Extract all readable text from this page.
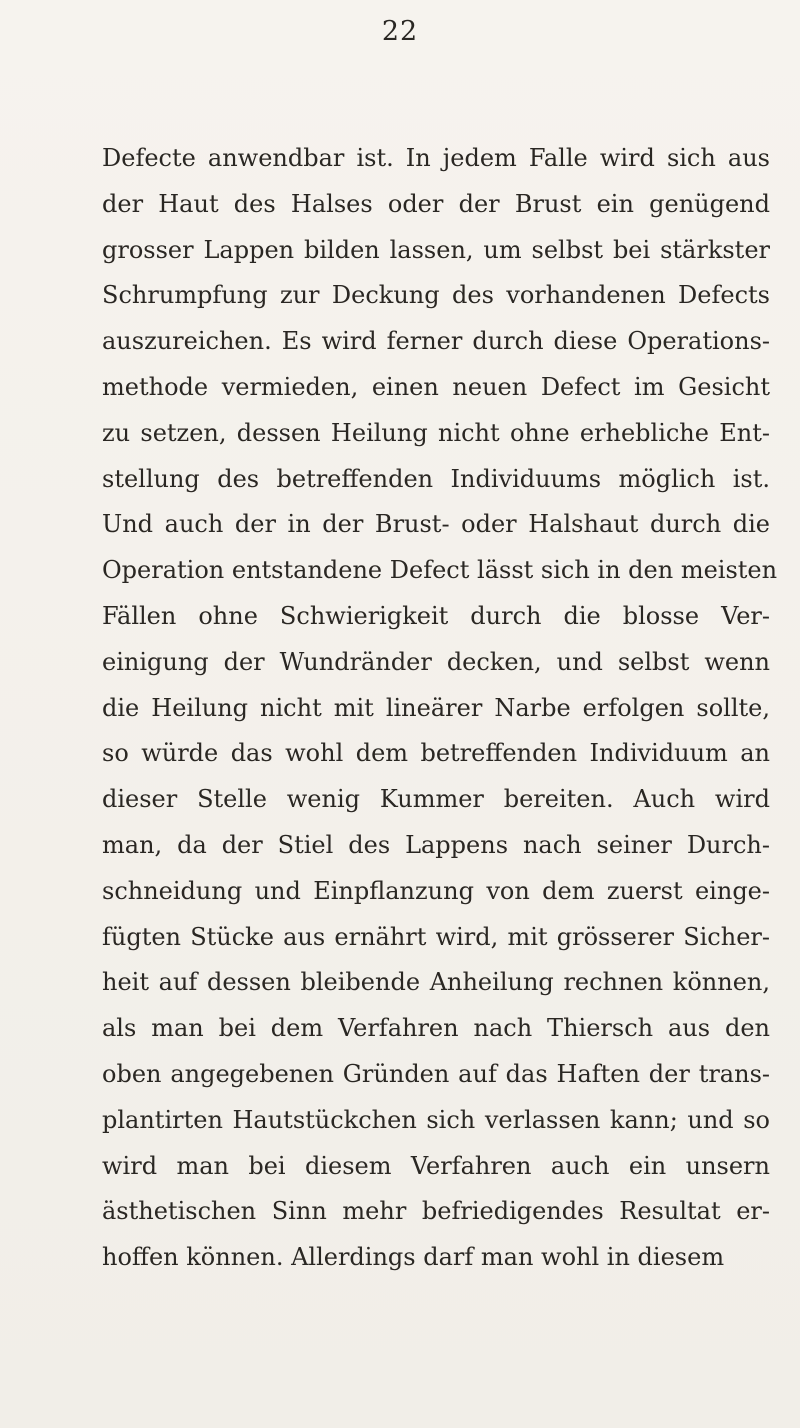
22
Defecte anwendbar ist. In jedem Falle wird sich aus
der Haut des Halses oder der Brust ein genügend
grosser Lappen bilden lassen, um selbst bei stärkster
Schrumpfung zur Deckung des vorhandenen Defects
auszureichen. Es wird ferner durch diese Operations-
methode vermieden, einen neuen Defect im Gesicht
zu setzen, dessen Heilung nicht ohne erhebliche Ent-
stellung des betreffenden Individuums möglich ist.
Und auch der in der Brust- oder Halshaut durch die
Operation entstandene Defect lässt sich in den meisten
Fällen ohne Schwierigkeit durch die blosse Ver-
einigung der Wundränder decken, und selbst wenn
die Heilung nicht mit lineärer Narbe erfolgen sollte,
so würde das wohl dem betreffenden Individuum an
dieser Stelle wenig Kummer bereiten. Auch wird
man, da der Stiel des Lappens nach seiner Durch-
schneidung und Einpflanzung von dem zuerst einge-
fügten Stücke aus ernährt wird, mit grösserer Sicher-
heit auf dessen bleibende Anheilung rechnen können,
als man bei dem Verfahren nach Thiersch aus den
oben angegebenen Gründen auf das Haften der trans-
plantirten Hautstückchen sich verlassen kann; und so
wird man bei diesem Verfahren auch ein unsern
ästhetischen Sinn mehr befriedigendes Resultat er-
hoffen können. Allerdings darf man wohl in diesem
